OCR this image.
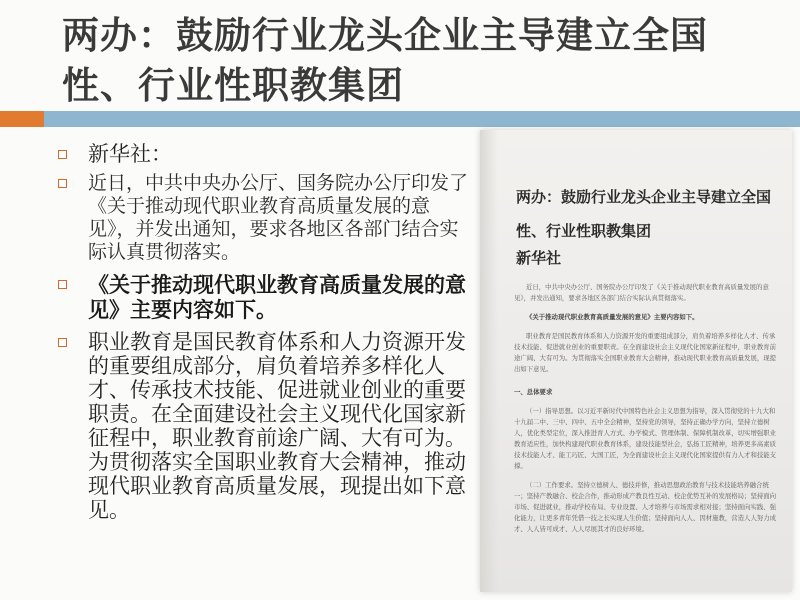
两办：鼓励行业龙头企业主导建立全国
性、行业性职教集团
新华社：
近日，中共中央办公厅、国务院办公厅印发了《关于推动现代职业教育高质量发展的意见》，并发出通知，要求各地区各部门结合实际认真贯彻落实。
《关于推动现代职业教育高质量发展的意见》主要内容如下。
职业教育是国民教育体系和人力资源开发的重要组成部分，肩负着培养多样化人才、传承技术技能、促进就业创业的重要职责。在全面建设社会主义现代化国家新征程中，职业教育前途广阔、大有可为。为贯彻落实全国职业教育大会精神，推动现代职业教育高质量发展，现提出如下意见。
两办：鼓励行业龙头企业主导建立全国性、行业性职教集团
新华社

近日，中共中央办公厅、国务院办公厅印发了《关于推动现代职业教育高质量发展的意见》，并发出通知，要求各地区各部门结合实际认真贯彻落实。

《关于推动现代职业教育高质量发展的意见》主要内容如下。

职业教育是国民教育体系和人力资源开发的重要组成部分，肩负着培养多样化人才、传承技术技能、促进就业创业的重要职责。在全面建设社会主义现代化国家新征程中，职业教育前途广阔、大有可为。为贯彻落实全国职业教育大会精神，推动现代职业教育高质量发展，现提出如下意见。

一、总体要求

（一）指导思想。以习近平新时代中国特色社会主义思想为指导，深入贯彻党的十九大和十九届二中、三中、四中、五中全会精神，坚持党的领导，坚持正确办学方向，坚持立德树人，优化类型定位，深入推进育人方式、办学模式、管理体制、保障机制改革，切实增强职业教育适应性，加快构建现代职业教育体系，建设技能型社会，弘扬工匠精神，培养更多高素质技术技能人才、能工巧匠、大国工匠，为全面建设社会主义现代化国家提供有力人才和技能支撑。

（二）工作要求。坚持立德树人、德技并修，推动思想政治教育与技术技能培养融合统一；坚持产教融合、校企合作，推动形成产教良性互动、校企优势互补的发展格局；坚持面向市场、促进就业，推动学校布局、专业设置、人才培养与市场需求相对接；坚持面向实践、强化能力，让更多青年凭借一技之长实现人生价值；坚持面向人人、因材施教，营造人人努力成才、人人皆可成才、人人尽展其才的良好环境。
